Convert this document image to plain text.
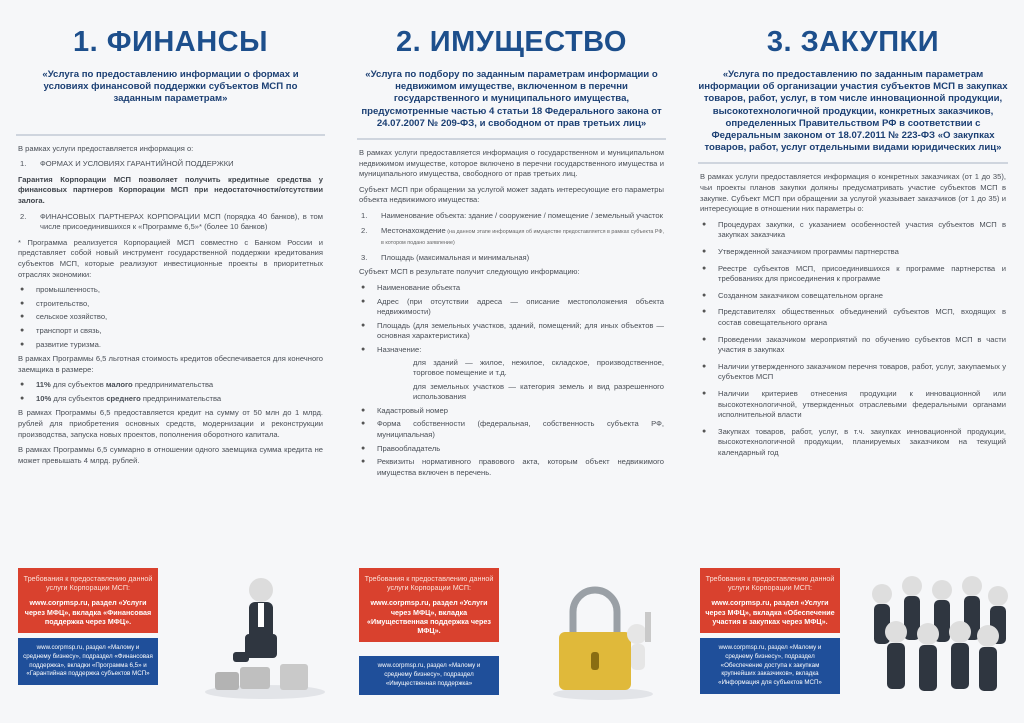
1. ФИНАНСЫ
«Услуга по предоставлению информации о формах и условиях финансовой поддержки субъектов МСП по заданным параметрам»

В рамках услуги предоставляется информация о:

1. ФОРМАХ И УСЛОВИЯХ ГАРАНТИЙНОЙ ПОДДЕРЖКИ

Гарантия Корпорации МСП позволяет получить кредитные средства у финансовых партнеров Корпорации МСП при недостаточности/отсутствии залога.

2. ФИНАНСОВЫХ ПАРТНЕРАХ КОРПОРАЦИИ МСП (порядка 40 банков), в том числе присоединившихся к «Программе 6,5»* (более 10 банков)

* Программа реализуется Корпорацией МСП совместно с Банком России и представляет собой новый инструмент государственной поддержки кредитования субъектов МСП, которые реализуют инвестиционные проекты в приоритетных отраслях экономики:

● промышленность,
● строительство,
● сельское хозяйство,
● транспорт и связь,
● развитие туризма.

В рамках Программы 6,5 льготная стоимость кредитов обеспечивается для конечного заемщика в размере:

● 11% для субъектов малого предпринимательства
● 10% для субъектов среднего предпринимательства

В рамках Программы 6,5 предоставляется кредит на сумму от 50 млн до 1 млрд. рублей для приобретения основных средств, модернизации и реконструкции производства, запуска новых проектов, пополнения оборотного капитала.

В рамках Программы 6,5 суммарно в отношении одного заемщика сумма кредита не может превышать 4 млрд. рублей.

Требования к предоставлению данной услуги Корпорации МСП:
www.corpmsp.ru, раздел «Услуги через МФЦ», вкладка «Финансовая поддержка через МФЦ».
www.corpmsp.ru, раздел «Малому и среднему бизнесу», подраздел «Финансовая поддержка», вкладки «Программа 6,5» и «Гарантийная поддержка субъектов МСП»
2. ИМУЩЕСТВО
«Услуга по подбору по заданным параметрам информации о недвижимом имуществе, включенном в перечни государственного и муниципального имущества, предусмотренные частью 4 статьи 18 Федерального закона от 24.07.2007 № 209-ФЗ, и свободном от прав третьих лиц»

В рамках услуги предоставляется информация о государственном и муниципальном недвижимом имуществе, которое включено в перечни государственного имущества и муниципального имущества, свободного от прав третьих лиц.

Субъект МСП при обращении за услугой может задать интересующие его параметры объекта недвижимого имущества:

1. Наименование объекта: здание / сооружение / помещение / земельный участок
2. Местонахождение (на данном этапе информация об имуществе предоставляется в рамках субъекта РФ, в котором подано заявление)
3. Площадь (максимальная и минимальная)

Субъект МСП в результате получит следующую информацию:

● Наименование объекта
● Адрес (при отсутствии адреса — описание местоположения объекта недвижимости)
● Площадь (для земельных участков, зданий, помещений; для иных объектов — основная характеристика)
● Назначение:
для зданий — жилое, нежилое, складское, производственное, торговое помещение и т.д.
для земельных участков — категория земель и вид разрешенного использования
● Кадастровый номер
● Форма собственности (федеральная, собственность субъекта РФ, муниципальная)
● Правообладатель
● Реквизиты нормативного правового акта, которым объект недвижимого имущества включен в перечень.
Требования к предоставлению данной услуги Корпорации МСП:
www.corpmsp.ru, раздел «Услуги через МФЦ», вкладка «Имущественная поддержка через МФЦ».
www.corpmsp.ru, раздел «Малому и среднему бизнесу», подраздел «Имущественная поддержка»
3. ЗАКУПКИ
«Услуга по предоставлению по заданным параметрам информации об организации участия субъектов МСП в закупках товаров, работ, услуг, в том числе инновационной продукции, высокотехнологичной продукции, конкретных заказчиков, определенных Правительством РФ в соответствии с Федеральным законом от 18.07.2011 № 223-ФЗ «О закупках товаров, работ, услуг отдельными видами юридических лиц»

В рамках услуги предоставляется информация о конкретных заказчиках (от 1 до 35), чьи проекты планов закупки должны предусматривать участие субъектов МСП в закупке. Субъект МСП при обращении за услугой указывает заказчиков (от 1 до 35) и интересующие в отношении них параметры о:

● Процедурах закупки, с указанием особенностей участия субъектов МСП в закупках заказчика
● Утвержденной заказчиком программы партнерства
● Реестре субъектов МСП, присоединившихся к программе партнерства и требованиях для присоединения к программе
● Созданном заказчиком совещательном органе
● Представителях общественных объединений субъектов МСП, входящих в состав совещательного органа
● Проведении заказчиком мероприятий по обучению субъектов МСП в части участия в закупках
● Наличии утвержденного заказчиком перечня товаров, работ, услуг, закупаемых у субъектов МСП
● Наличии критериев отнесения продукции к инновационной или высокотехнологичной, утвержденных отраслевыми федеральными органами исполнительной власти
● Закупках товаров, работ, услуг, в т.ч. закупках инновационной продукции, высокотехнологичной продукции, планируемых заказчиком на текущий календарный год
Требования к предоставлению данной услуги Корпорации МСП:
www.corpmsp.ru, раздел «Услуги через МФЦ», вкладка «Обеспечение участия в закупках через МФЦ».
www.corpmsp.ru, раздел «Малому и среднему бизнесу», подраздел «Обеспечение доступа к закупкам крупнейших заказчиков», вкладка «Информация для субъектов МСП»
